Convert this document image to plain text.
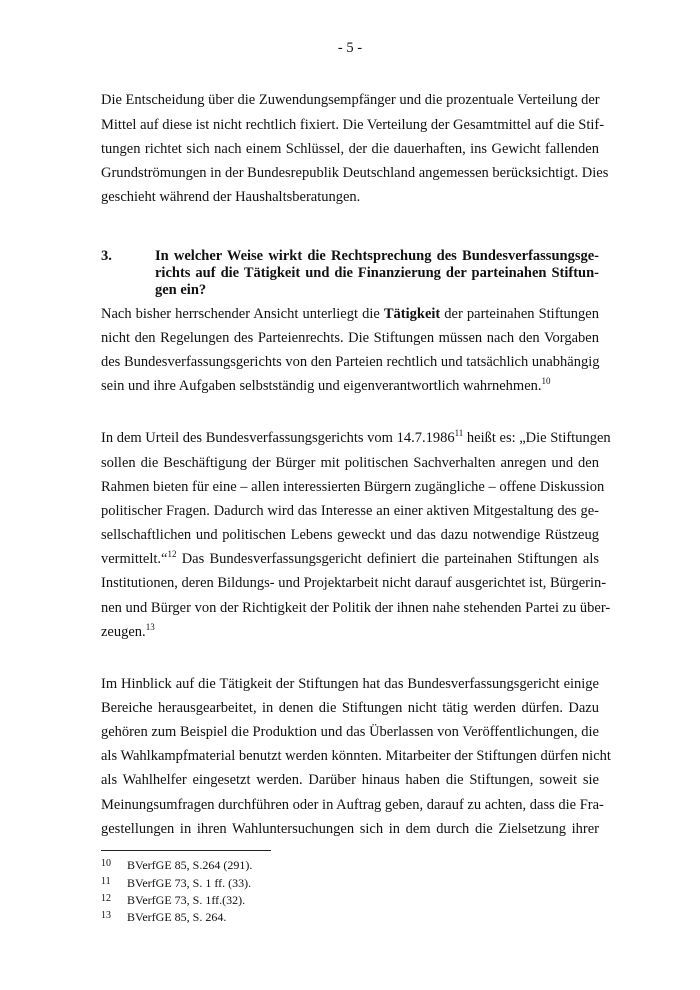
- 5 -
Die Entscheidung über die Zuwendungsempfänger und die prozentuale Verteilung der
Mittel auf diese ist nicht rechtlich fixiert. Die Verteilung der Gesamtmittel auf die Stif-
tungen richtet sich nach einem Schlüssel, der die dauerhaften, ins Gewicht fallenden
Grundströmungen in der Bundesrepublik Deutschland angemessen berücksichtigt. Dies
geschieht während der Haushaltsberatungen.
3.	In welcher Weise wirkt die Rechtsprechung des Bundesverfassungsge-
richts auf die Tätigkeit und die Finanzierung der parteinahen Stiftun-
gen ein?
Nach bisher herrschender Ansicht unterliegt die Tätigkeit der parteinahen Stiftungen
nicht den Regelungen des Parteienrechts. Die Stiftungen müssen nach den Vorgaben
des Bundesverfassungsgerichts von den Parteien rechtlich und tatsächlich unabhängig
sein und ihre Aufgaben selbstständig und eigenverantwortlich wahrnehmen.$^{10}$
In dem Urteil des Bundesverfassungsgerichts vom 14.7.1986$^{11}$ heißt es: „Die Stiftungen
sollen die Beschäftigung der Bürger mit politischen Sachverhalten anregen und den
Rahmen bieten für eine – allen interessierten Bürgern zugängliche – offene Diskussion
politischer Fragen. Dadurch wird das Interesse an einer aktiven Mitgestaltung des ge-
sellschaftlichen und politischen Lebens geweckt und das dazu notwendige Rüstzeug
vermittelt.“$^{12}$ Das Bundesverfassungsgericht definiert die parteinahen Stiftungen als
Institutionen, deren Bildungs- und Projektarbeit nicht darauf ausgerichtet ist, Bürgerin-
nen und Bürger von der Richtigkeit der Politik der ihnen nahe stehenden Partei zu über-
zeugen.$^{13}$
Im Hinblick auf die Tätigkeit der Stiftungen hat das Bundesverfassungsgericht einige
Bereiche herausgearbeitet, in denen die Stiftungen nicht tätig werden dürfen. Dazu
gehören zum Beispiel die Produktion und das Überlassen von Veröffentlichungen, die
als Wahlkampfmaterial benutzt werden könnten. Mitarbeiter der Stiftungen dürfen nicht
als Wahlhelfer eingesetzt werden. Darüber hinaus haben die Stiftungen, soweit sie
Meinungsumfragen durchführen oder in Auftrag geben, darauf zu achten, dass die Fra-
gestellungen in ihren Wahluntersuchungen sich in dem durch die Zielsetzung ihrer
10 BVerfGE 85, S.264 (291).
11 BVerfGE 73, S. 1 ff. (33).
12 BVerfGE 73, S. 1ff.(32).
13 BVerfGE 85, S. 264.
